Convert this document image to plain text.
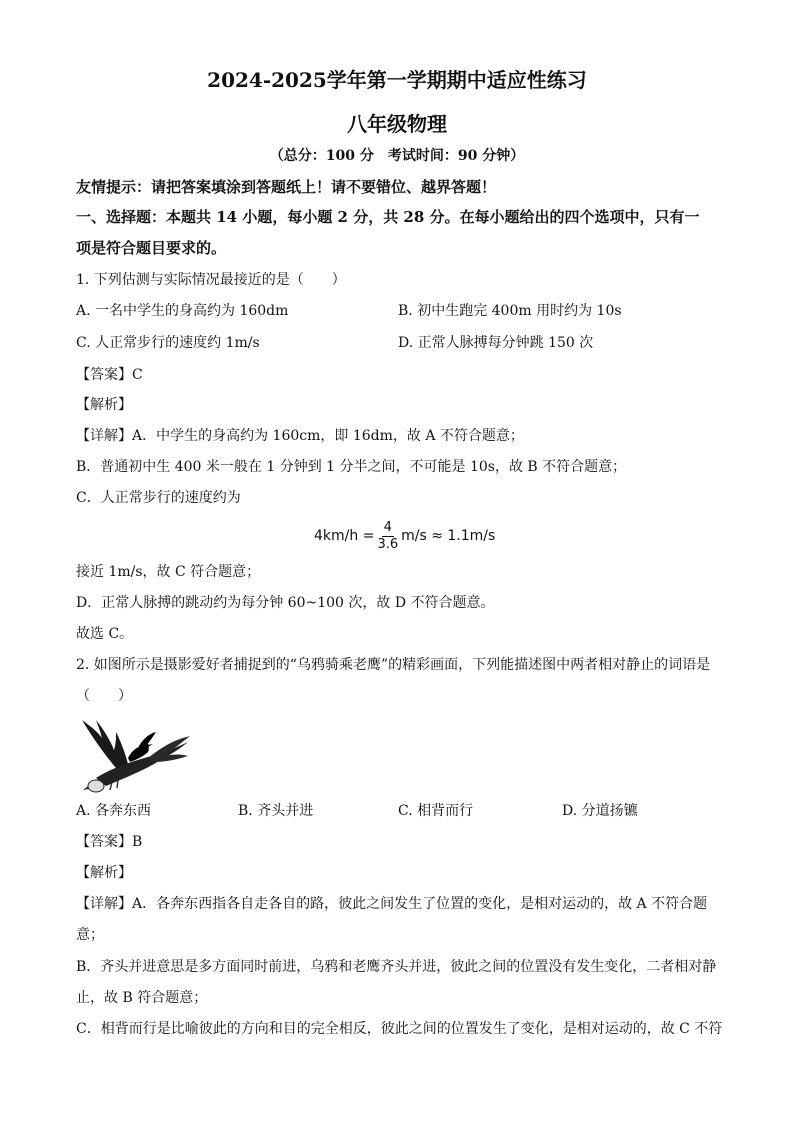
2024-2025学年第一学期期中适应性练习
八年级物理
（总分：100 分　考试时间：90 分钟）
友情提示：请把答案填涂到答题纸上！请不要错位、越界答题！
一、选择题：本题共 14 小题，每小题 2 分，共 28 分。在每小题给出的四个选项中，只有一
项是符合题目要求的。
1. 下列估测与实际情况最接近的是（　　）
A. 一名中学生的身高约为 160dm	B. 初中生跑完 400m 用时约为 10s
C. 人正常步行的速度约 1m/s	D. 正常人脉搏每分钟跳 150 次
【答案】C
【解析】
【详解】A．中学生的身高约为 160cm，即 16dm，故 A 不符合题意；
B．普通初中生 400 米一般在 1 分钟到 1 分半之间，不可能是 10s，故 B 不符合题意；
C．人正常步行的速度约为
$4km/h = \frac{4}{3.6} m/s \approx 1.1m/s$
接近 1m/s，故 C 符合题意；
D．正常人脉搏的跳动约为每分钟 60~100 次，故 D 不符合题意。
故选 C。
2. 如图所示是摄影爱好者捕捉到的“乌鸦骑乘老鹰”的精彩画面，下列能描述图中两者相对静止的词语是
（　　）
A. 各奔东西	B. 齐头并进	C. 相背而行	D. 分道扬镳
【答案】B
【解析】
【详解】A．各奔东西指各自走各自的路，彼此之间发生了位置的变化，是相对运动的，故 A 不符合题
意；
B．齐头并进意思是多方面同时前进，乌鸦和老鹰齐头并进，彼此之间的位置没有发生变化，二者相对静
止，故 B 符合题意；
C．相背而行是比喻彼此的方向和目的完全相反，彼此之间的位置发生了变化，是相对运动的，故 C 不符
